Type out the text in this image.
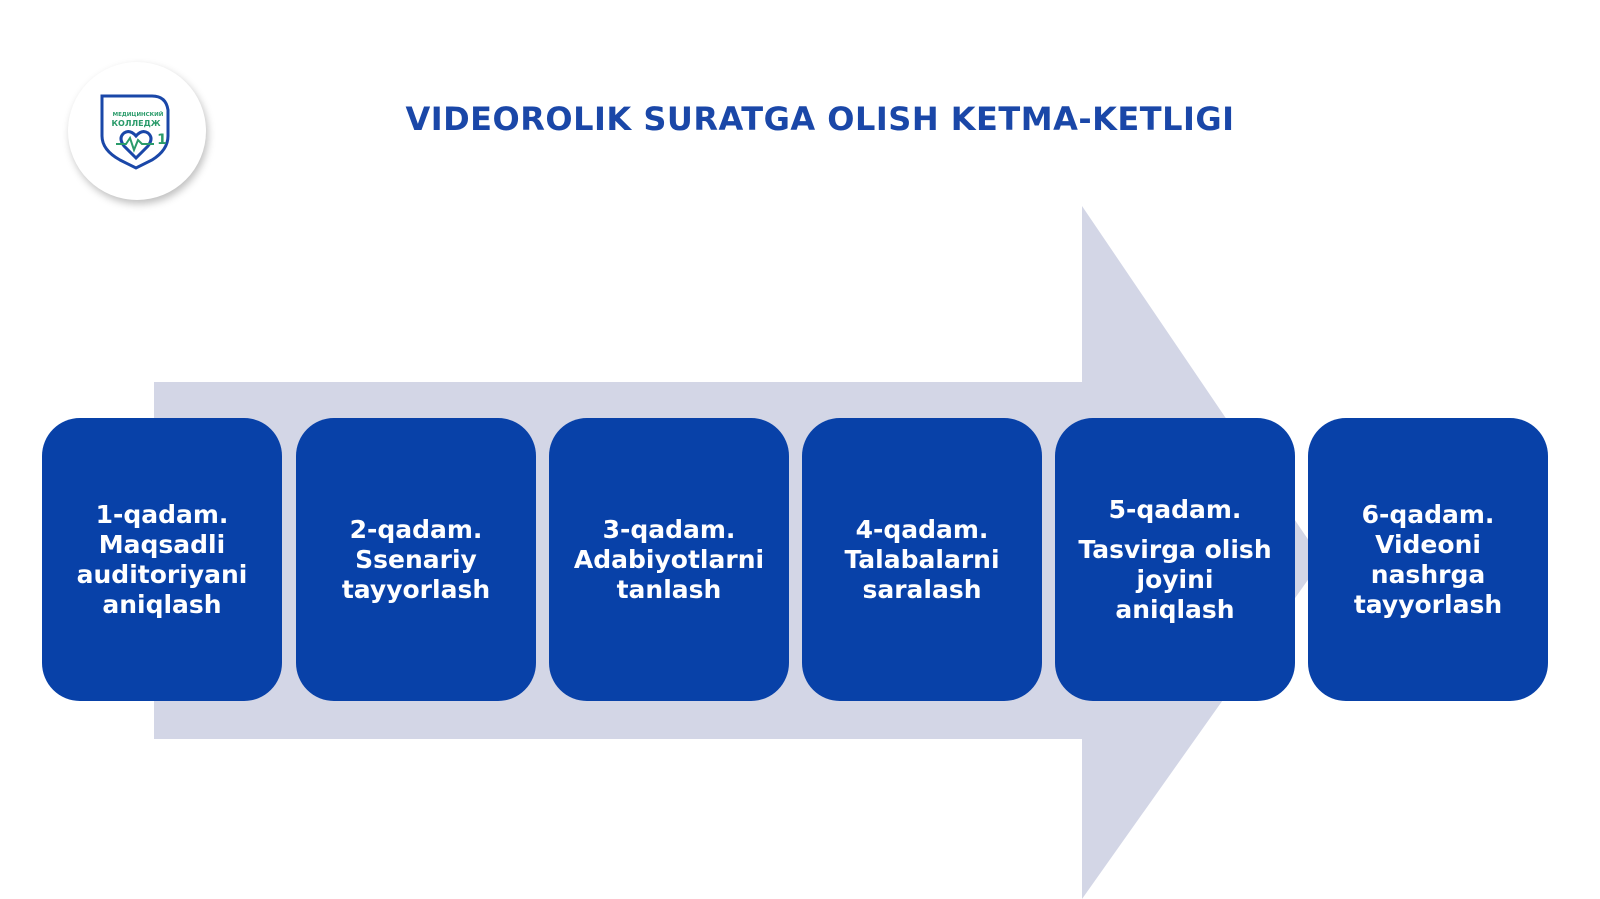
МЕДИЦИНСКИЙ
КОЛЛЕДЖ
1
VIDEOROLIK SURATGA OLISH KETMA-KETLIGI
1-qadam.
Maqsadli
auditoriyani
aniqlash
2-qadam.
Ssenariy
tayyorlash
3-qadam.
Adabiyotlarni
tanlash
4-qadam.
Talabalarni
saralash
5-qadam.
Tasvirga olish
joyini
aniqlash
6-qadam.
Videoni
nashrga
tayyorlash
